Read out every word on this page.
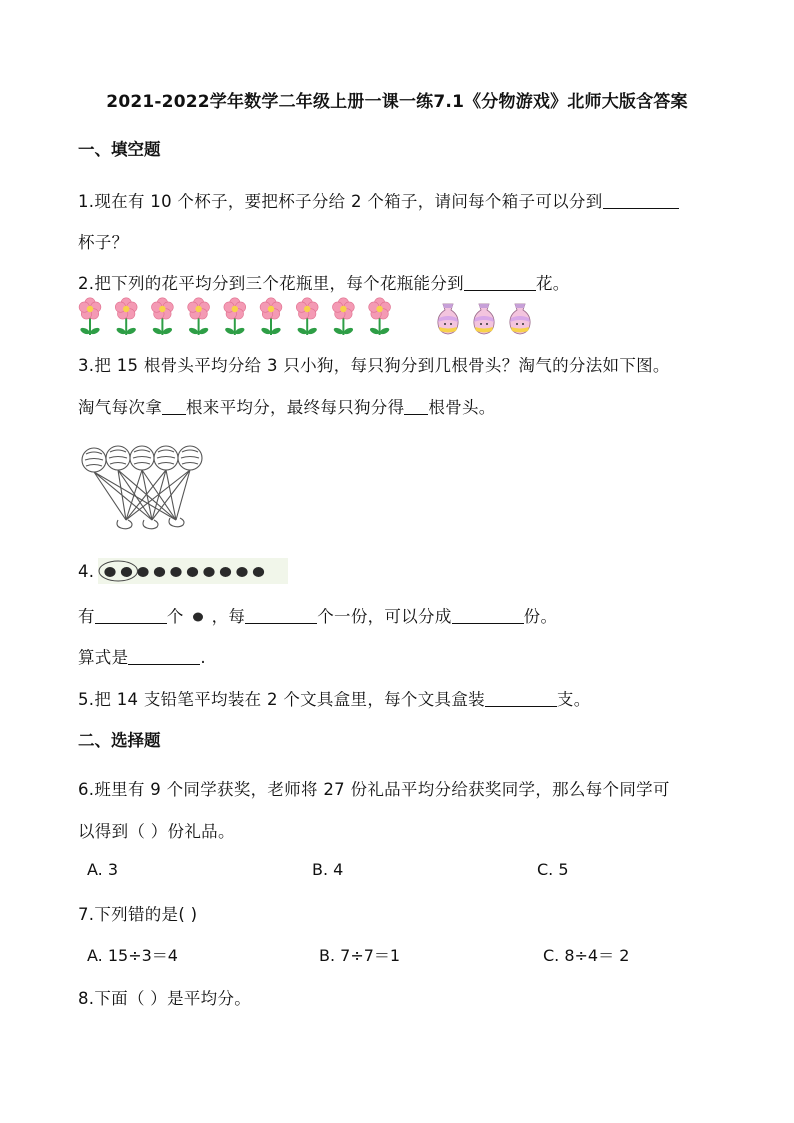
2021-2022学年数学二年级上册一课一练7.1《分物游戏》北师大版含答案
一、填空题
1.现在有 10 个杯子，要把杯子分给 2 个箱子，请问每个箱子可以分到
杯子？
2.把下列的花平均分到三个花瓶里，每个花瓶能分到	花。
3.把 15 根骨头平均分给 3 只小狗，每只狗分到几根骨头？淘气的分法如下图。
淘气每次拿 根来平均分，最终每只狗分得 根骨头。
4.
有	个 ，每	个一份，可以分成	份。
算式是	.
5.把 14 支铅笔平均装在 2 个文具盒里，每个文具盒装	支。
二、选择题
6.班里有 9 个同学获奖，老师将 27 份礼品平均分给获奖同学，那么每个同学可
以得到（ ）份礼品。
A. 3	B. 4	C. 5
7.下列错的是( )
A. 15÷3＝4	B. 7÷7＝1	C. 8÷4＝ 2
8.下面（ ）是平均分。
